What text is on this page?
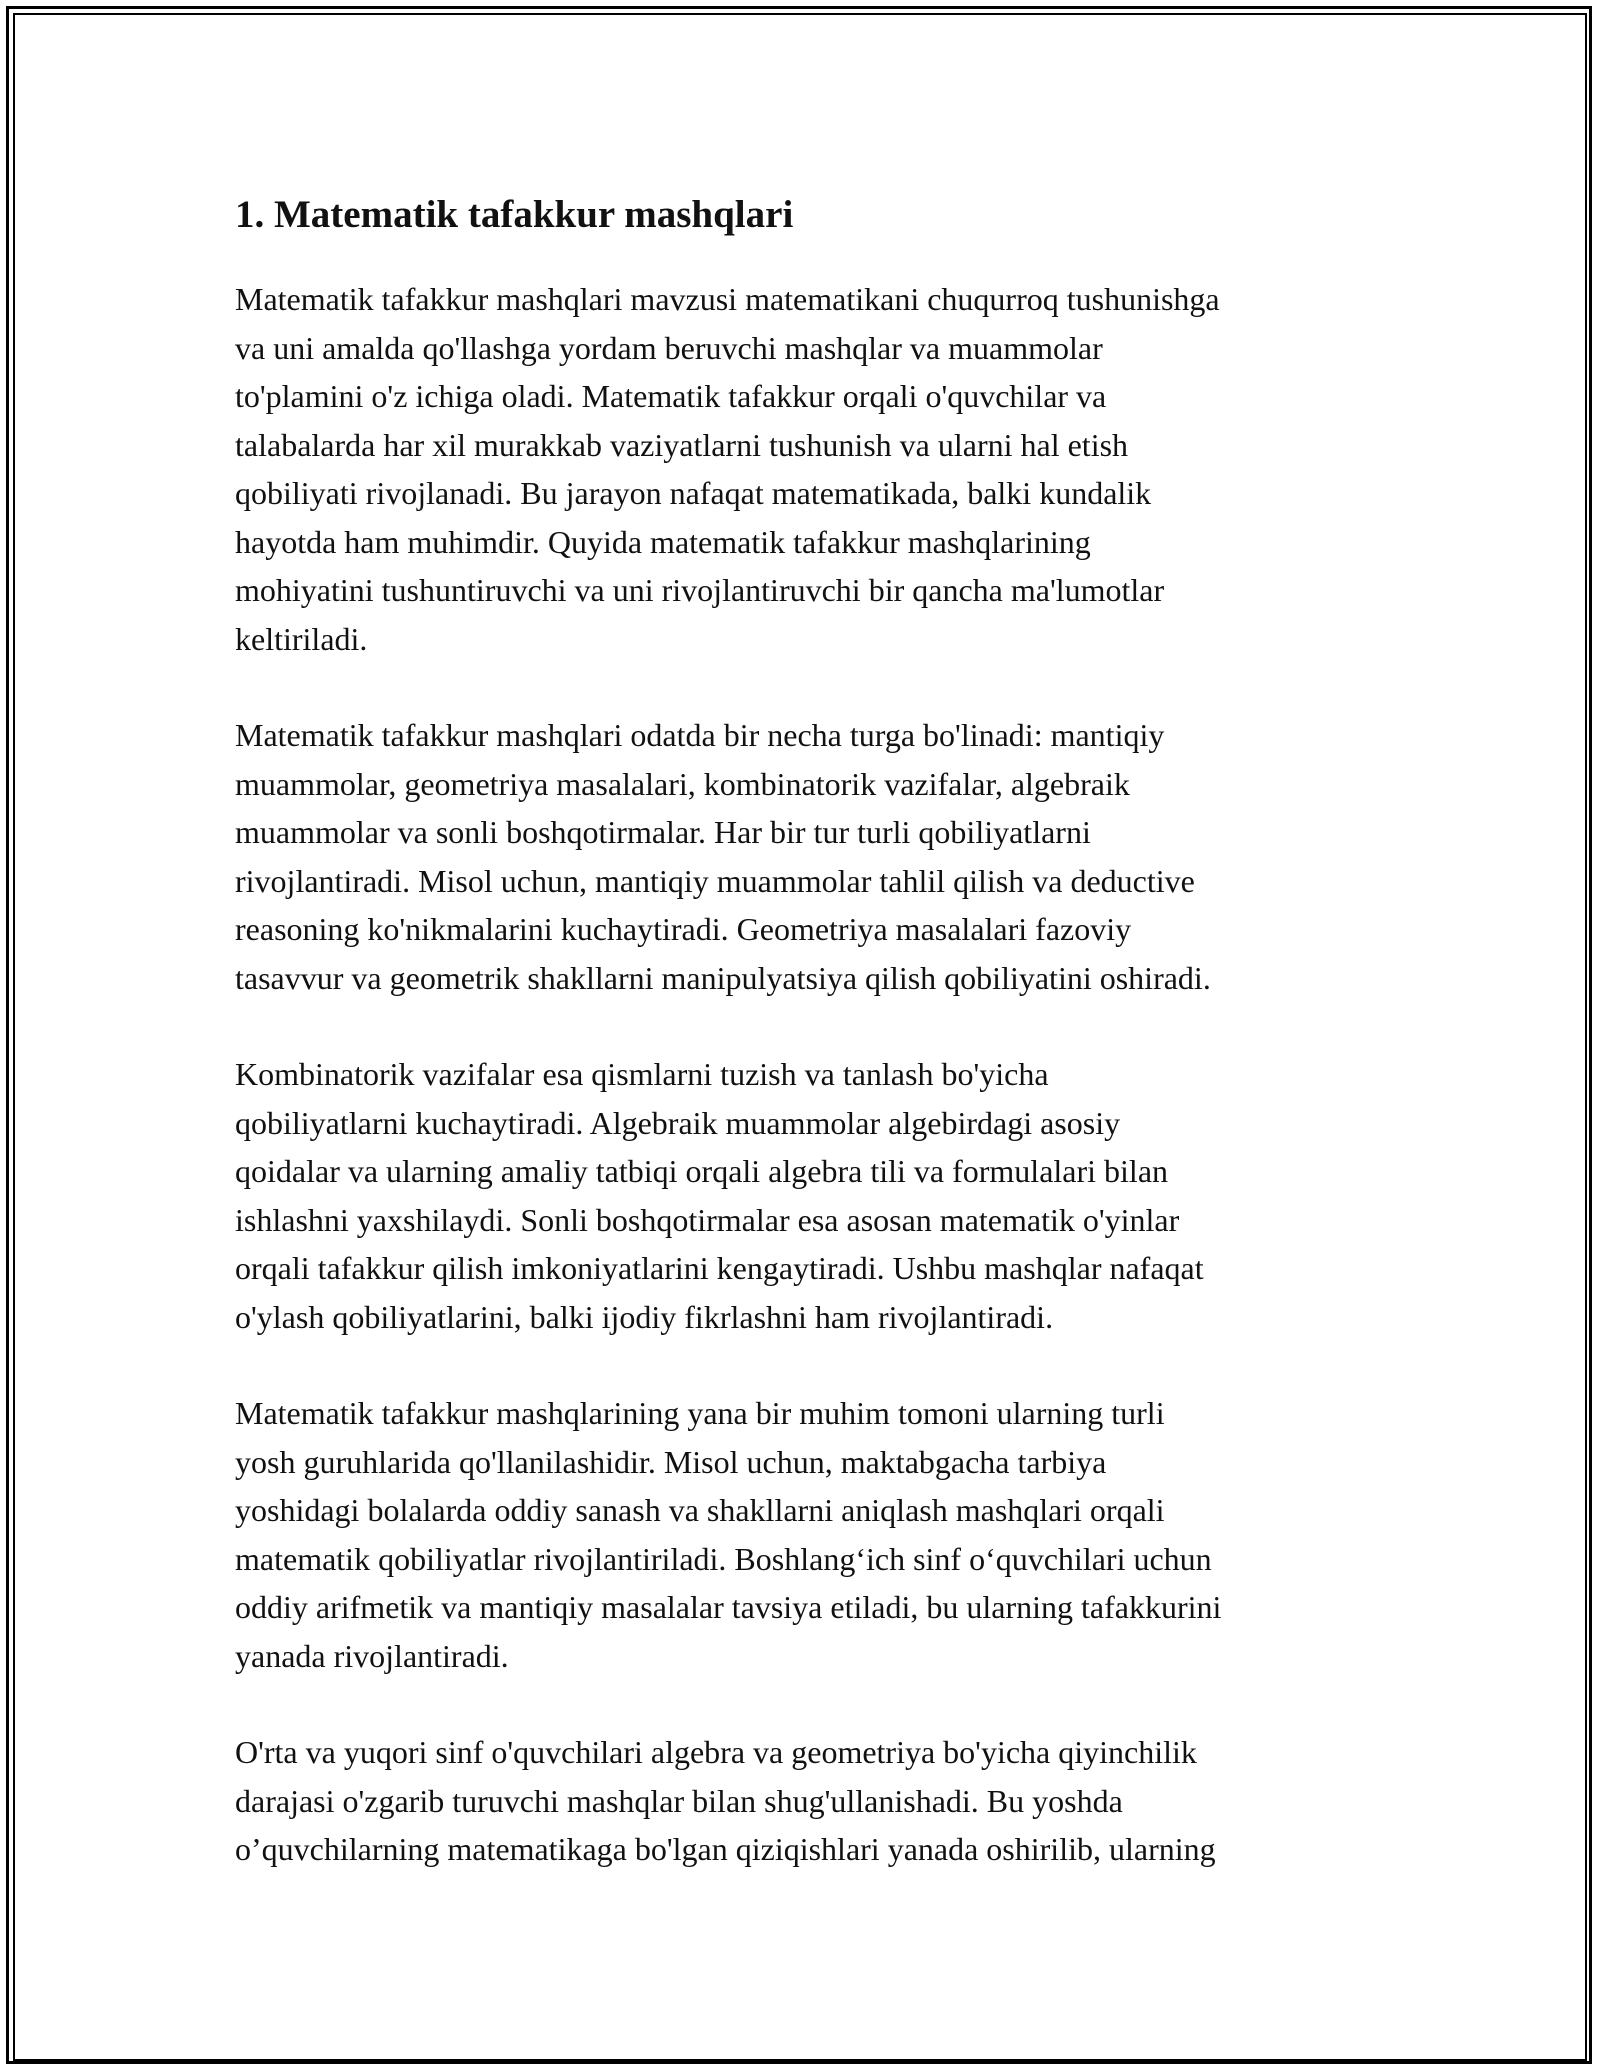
1. Matematik tafakkur mashqlari

Matematik tafakkur mashqlari mavzusi matematikani chuqurroq tushunishga
va uni amalda qo'llashga yordam beruvchi mashqlar va muammolar
to'plamini o'z ichiga oladi. Matematik tafakkur orqali o'quvchilar va
talabalarda har xil murakkab vaziyatlarni tushunish va ularni hal etish
qobiliyati rivojlanadi. Bu jarayon nafaqat matematikada, balki kundalik
hayotda ham muhimdir. Quyida matematik tafakkur mashqlarining
mohiyatini tushuntiruvchi va uni rivojlantiruvchi bir qancha ma'lumotlar
keltiriladi.

Matematik tafakkur mashqlari odatda bir necha turga bo'linadi: mantiqiy
muammolar, geometriya masalalari, kombinatorik vazifalar, algebraik
muammolar va sonli boshqotirmalar. Har bir tur turli qobiliyatlarni
rivojlantiradi. Misol uchun, mantiqiy muammolar tahlil qilish va deductive
reasoning ko'nikmalarini kuchaytiradi. Geometriya masalalari fazoviy
tasavvur va geometrik shakllarni manipulyatsiya qilish qobiliyatini oshiradi.

Kombinatorik vazifalar esa qismlarni tuzish va tanlash bo'yicha
qobiliyatlarni kuchaytiradi. Algebraik muammolar algebirdagi asosiy
qoidalar va ularning amaliy tatbiqi orqali algebra tili va formulalari bilan
ishlashni yaxshilaydi. Sonli boshqotirmalar esa asosan matematik o'yinlar
orqali tafakkur qilish imkoniyatlarini kengaytiradi. Ushbu mashqlar nafaqat
o'ylash qobiliyatlarini, balki ijodiy fikrlashni ham rivojlantiradi.

Matematik tafakkur mashqlarining yana bir muhim tomoni ularning turli
yosh guruhlarida qo'llanilashidir. Misol uchun, maktabgacha tarbiya
yoshidagi bolalarda oddiy sanash va shakllarni aniqlash mashqlari orqali
matematik qobiliyatlar rivojlantiriladi. Boshlang‘ich sinf o‘quvchilari uchun
oddiy arifmetik va mantiqiy masalalar tavsiya etiladi, bu ularning tafakkurini
yanada rivojlantiradi.

O'rta va yuqori sinf o'quvchilari algebra va geometriya bo'yicha qiyinchilik
darajasi o'zgarib turuvchi mashqlar bilan shug'ullanishadi. Bu yoshda
o’quvchilarning matematikaga bo'lgan qiziqishlari yanada oshirilib, ularning
